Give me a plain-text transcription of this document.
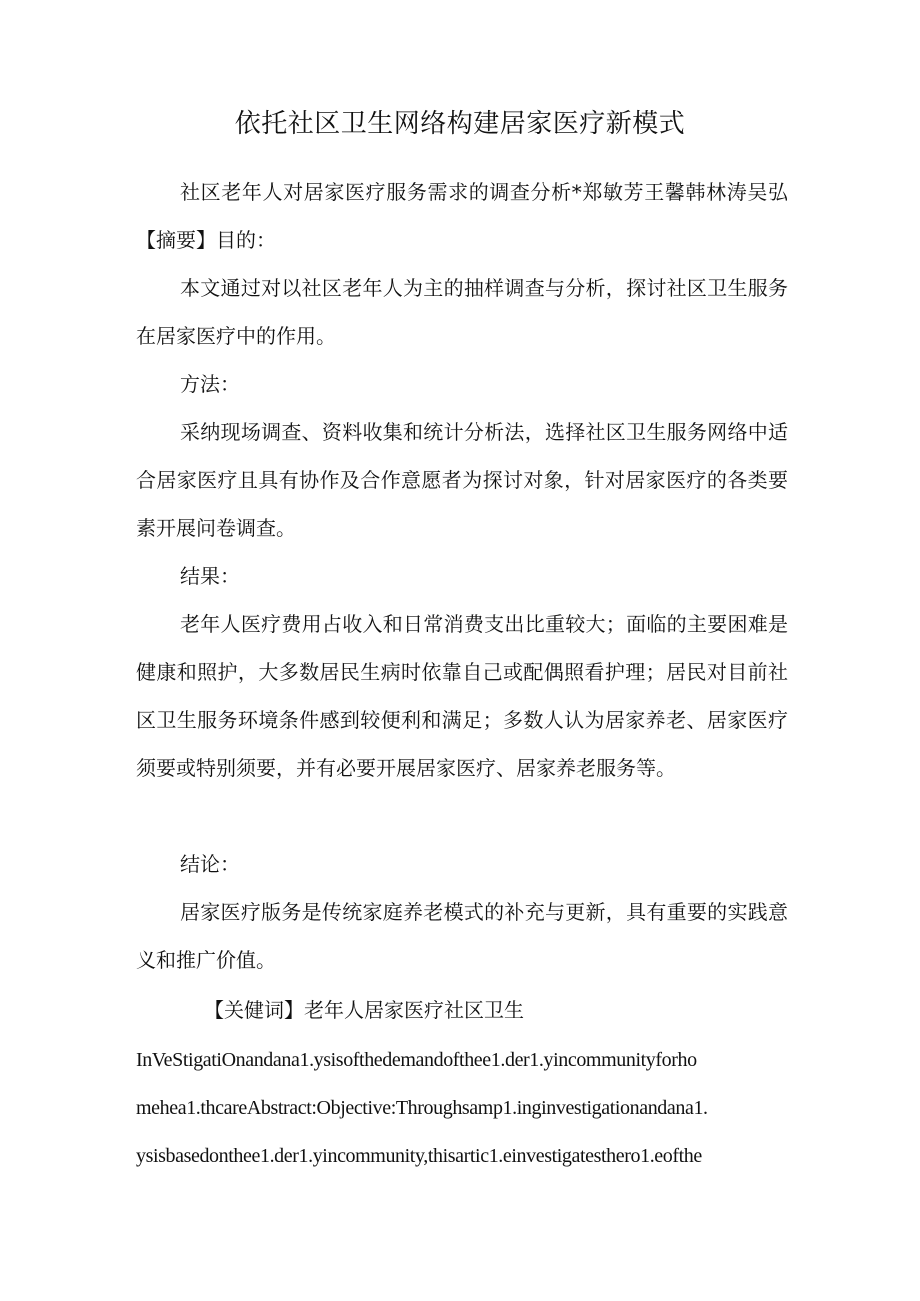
依托社区卫生网络构建居家医疗新模式

社区老年人对居家医疗服务需求的调查分析*郑敏芳王馨韩林涛吴弘【摘要】目的：

本文通过对以社区老年人为主的抽样调查与分析，探讨社区卫生服务在居家医疗中的作用。

方法：

采纳现场调查、资料收集和统计分析法，选择社区卫生服务网络中适合居家医疗且具有协作及合作意愿者为探讨对象，针对居家医疗的各类要素开展问卷调查。

结果：

老年人医疗费用占收入和日常消费支出比重较大；面临的主要困难是健康和照护，大多数居民生病时依靠自己或配偶照看护理；居民对目前社区卫生服务环境条件感到较便利和满足；多数人认为居家养老、居家医疗须要或特别须要，并有必要开展居家医疗、居家养老服务等。

结论：

居家医疗版务是传统家庭养老模式的补充与更新，具有重要的实践意义和推广价值。

【关健词】老年人居家医疗社区卫生

InVeStigatiOnandana1.ysisofthedemandofthee1.der1.yincommunityforho

mehea1.thcareAbstract:Objective:Throughsamp1.inginvestigationandana1.

ysisbasedonthee1.der1.yincommunity,thisartic1.einvestigatesthero1.eofthe
